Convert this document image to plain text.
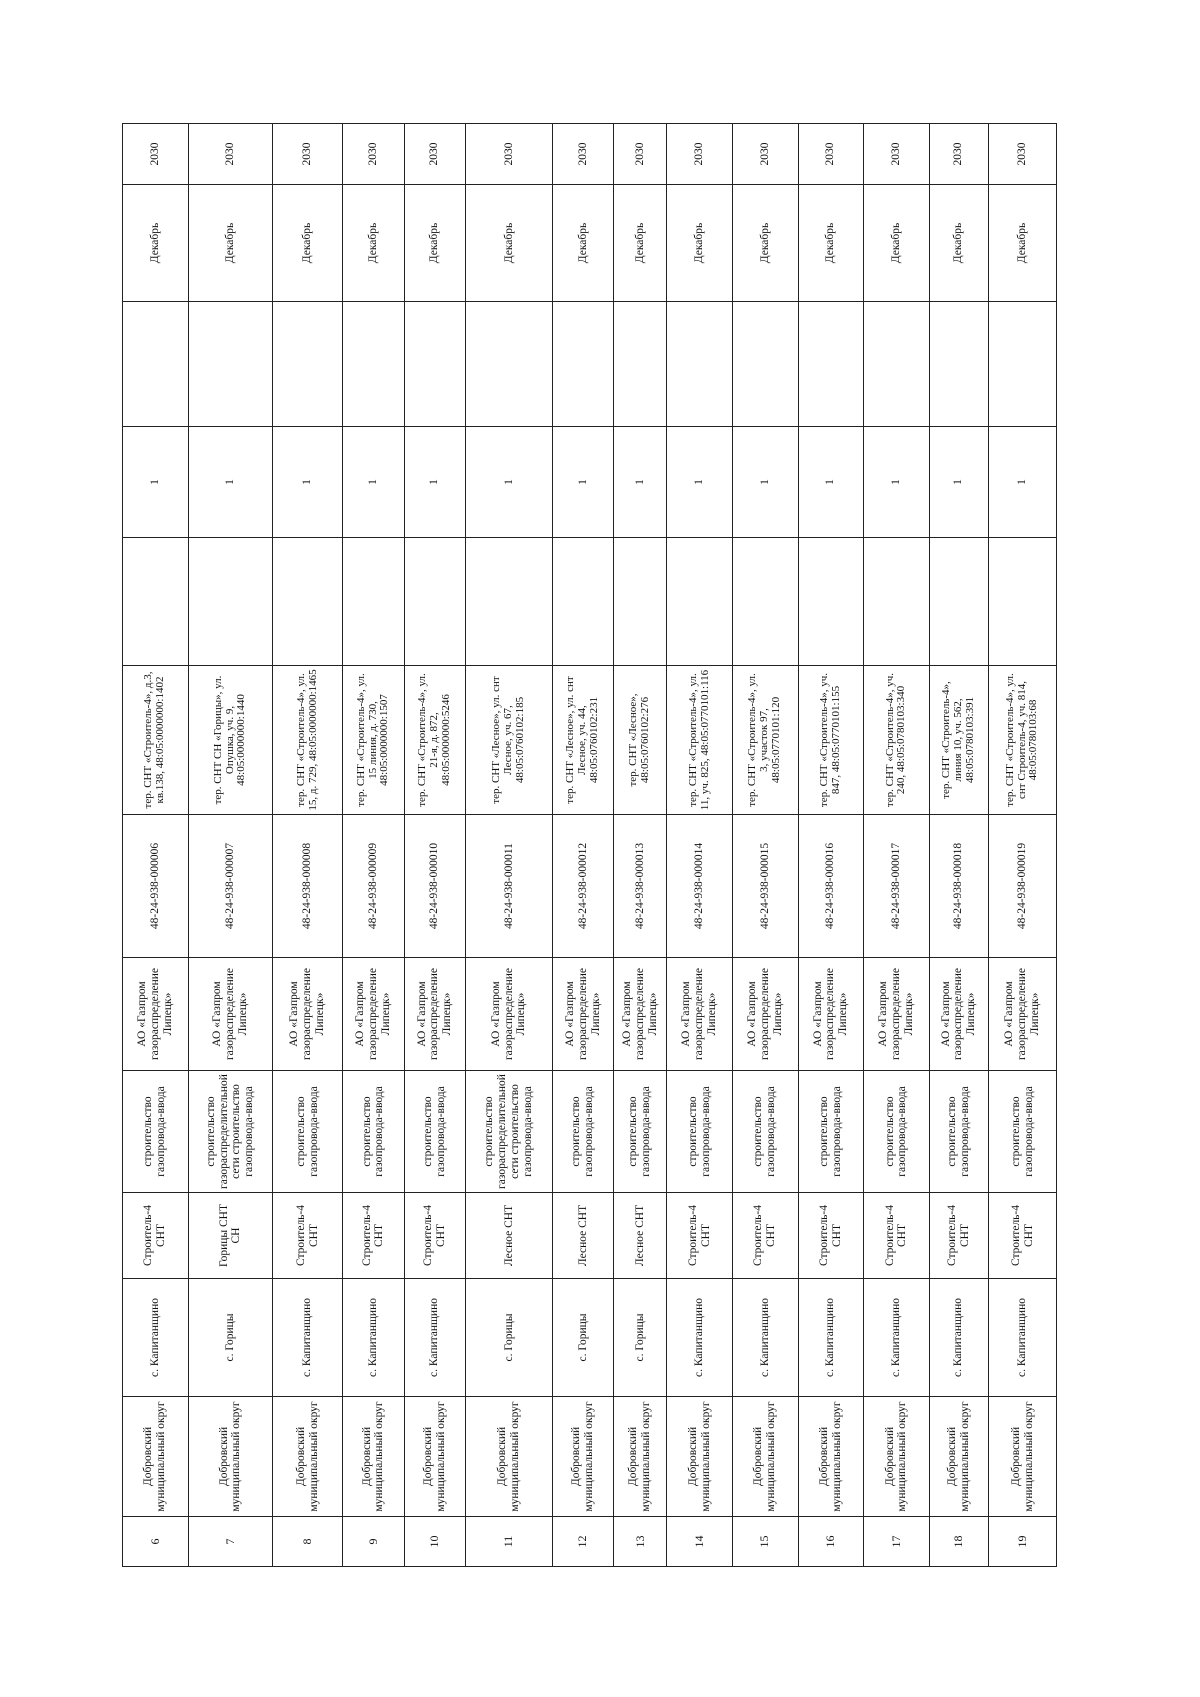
6	Добровский муниципальный округ	с. Капитанщино	Строитель-4 СНТ	строительство газопровода-ввода	АО «Газпром газораспределение Липецк»	48-24-938-000006	тер. СНТ «Строитель-4», д.3, кв.138, 48:05:0000000:1402		1		Декабрь	2030
7	Добровский муниципальный округ	с. Горицы	Горицы СНТ СН	строительство газораспределительной сети строительство газопровода-ввода	АО «Газпром газораспределение Липецк»	48-24-938-000007	тер. СНТ СН «Горицы», ул. Опушка, уч. 9, 48:05:0000000:1440		1		Декабрь	2030
8	Добровский муниципальный округ	с. Капитанщино	Строитель-4 СНТ	строительство газопровода-ввода	АО «Газпром газораспределение Липецк»	48-24-938-000008	тер. СНТ «Строитель-4», ул. 15, д. 729, 48:05:0000000:1465		1		Декабрь	2030
9	Добровский муниципальный округ	с. Капитанщино	Строитель-4 СНТ	строительство газопровода-ввода	АО «Газпром газораспределение Липецк»	48-24-938-000009	тер. СНТ «Строитель-4», ул. 15 линия, д. 730, 48:05:0000000:1507		1		Декабрь	2030
10	Добровский муниципальный округ	с. Капитанщино	Строитель-4 СНТ	строительство газопровода-ввода	АО «Газпром газораспределение Липецк»	48-24-938-000010	тер. СНТ «Строитель-4», ул. 21-я, д. 872, 48:05:0000000:5246		1		Декабрь	2030
11	Добровский муниципальный округ	с. Горицы	Лесное СНТ	строительство газораспределительной сети строительство газопровода-ввода	АО «Газпром газораспределение Липецк»	48-24-938-000011	тер. СНТ «Лесное», ул. снт Лесное, уч. 67, 48:05:0760102:185		1		Декабрь	2030
12	Добровский муниципальный округ	с. Горицы	Лесное СНТ	строительство газопровода-ввода	АО «Газпром газораспределение Липецк»	48-24-938-000012	тер. СНТ «Лесное», ул. снт Лесное, уч. 44, 48:05:0760102:231		1		Декабрь	2030
13	Добровский муниципальный округ	с. Горицы	Лесное СНТ	строительство газопровода-ввода	АО «Газпром газораспределение Липецк»	48-24-938-000013	тер. СНТ «Лесное», 48:05:0760102:276		1		Декабрь	2030
14	Добровский муниципальный округ	с. Капитанщино	Строитель-4 СНТ	строительство газопровода-ввода	АО «Газпром газораспределение Липецк»	48-24-938-000014	тер. СНТ «Строитель-4», ул. 11, уч. 825, 48:05:0770101:116		1		Декабрь	2030
15	Добровский муниципальный округ	с. Капитанщино	Строитель-4 СНТ	строительство газопровода-ввода	АО «Газпром газораспределение Липецк»	48-24-938-000015	тер. СНТ «Строитель-4», ул. 3, участок 97, 48:05:0770101:120		1		Декабрь	2030
16	Добровский муниципальный округ	с. Капитанщино	Строитель-4 СНТ	строительство газопровода-ввода	АО «Газпром газораспределение Липецк»	48-24-938-000016	тер. СНТ «Строитель-4», уч. 847, 48:05:0770101:155		1		Декабрь	2030
17	Добровский муниципальный округ	с. Капитанщино	Строитель-4 СНТ	строительство газопровода-ввода	АО «Газпром газораспределение Липецк»	48-24-938-000017	тер. СНТ «Строитель-4», уч. 240, 48:05:0780103:340		1		Декабрь	2030
18	Добровский муниципальный округ	с. Капитанщино	Строитель-4 СНТ	строительство газопровода-ввода	АО «Газпром газораспределение Липецк»	48-24-938-000018	тер. СНТ «Строитель-4», линия 10, уч. 562, 48:05:0780103:391		1		Декабрь	2030
19	Добровский муниципальный округ	с. Капитанщино	Строитель-4 СНТ	строительство газопровода-ввода	АО «Газпром газораспределение Липецк»	48-24-938-000019	тер. СНТ «Строитель-4», ул. снт Строитель-4, уч. 814, 48:05:0780103:68		1		Декабрь	2030
